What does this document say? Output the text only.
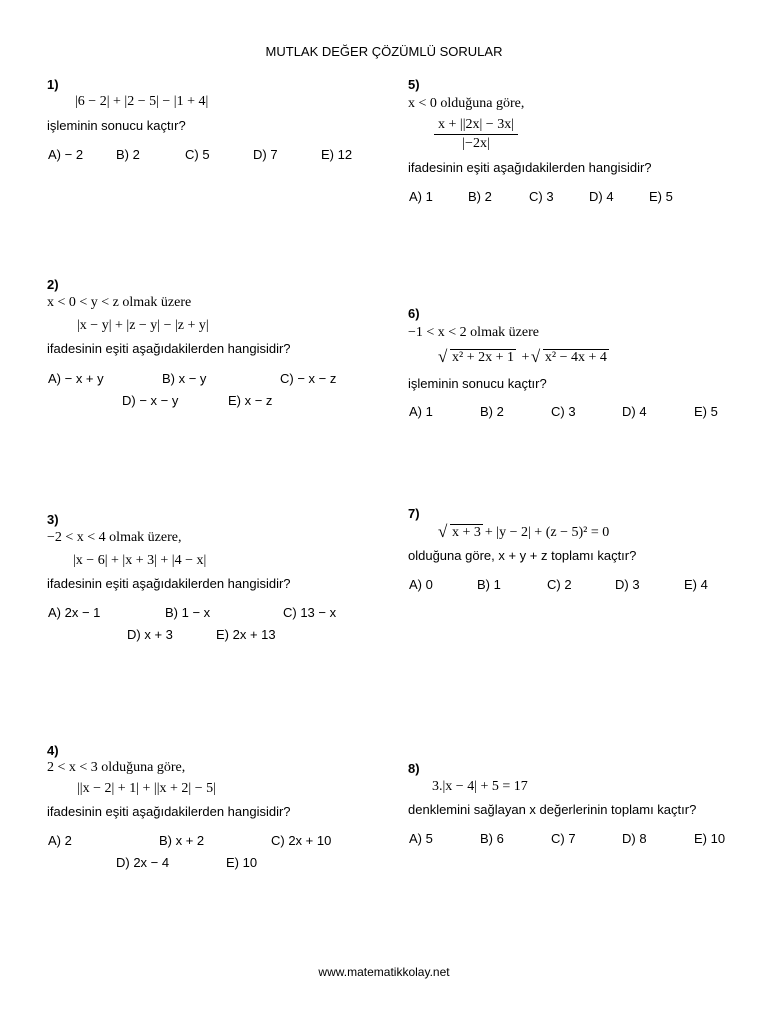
MUTLAK DEĞER ÇÖZÜMLÜ SORULAR
1)
|6 − 2| + |2 − 5| − |1 + 4|
işleminin sonucu kaçtır?
A) − 2	B) 2	C) 5	D) 7	E) 12
2)
x < 0 < y < z olmak üzere
|x − y| + |z − y| − |z + y|
ifadesinin eşiti aşağıdakilerden hangisidir?
A) − x + y	B) x − y	C) − x − z
D) − x − y	E) x − z
3)
−2 < x < 4 olmak üzere,
|x − 6| + |x + 3| + |4 − x|
ifadesinin eşiti aşağıdakilerden hangisidir?
A) 2x − 1	B) 1 − x	C) 13 − x
D) x + 3	E) 2x + 13
4)
2 < x < 3 olduğuna göre,
||x − 2| + 1| + ||x + 2| − 5|
ifadesinin eşiti aşağıdakilerden hangisidir?
A) 2	B) x + 2	C) 2x + 10
D) 2x − 4	E) 10
5)
x < 0 olduğuna göre,
$\frac{x + ||2x| - 3x|}{|-2x|}$
ifadesinin eşiti aşağıdakilerden hangisidir?
A) 1	B) 2	C) 3	D) 4	E) 5
6)
−1 < x < 2 olmak üzere
√ x² + 2x + 1 + √ x² − 4x + 4
işleminin sonucu kaçtır?
A) 1	B) 2	C) 3	D) 4	E) 5
7)
√ x + 3 + |y − 2| + (z − 5)² = 0
olduğuna göre, x + y + z toplamı kaçtır?
A) 0	B) 1	C) 2	D) 3	E) 4
8)
3.|x − 4| + 5 = 17
denklemini sağlayan x değerlerinin toplamı kaçtır?
A) 5	B) 6	C) 7	D) 8	E) 10
www.matematikkolay.net
